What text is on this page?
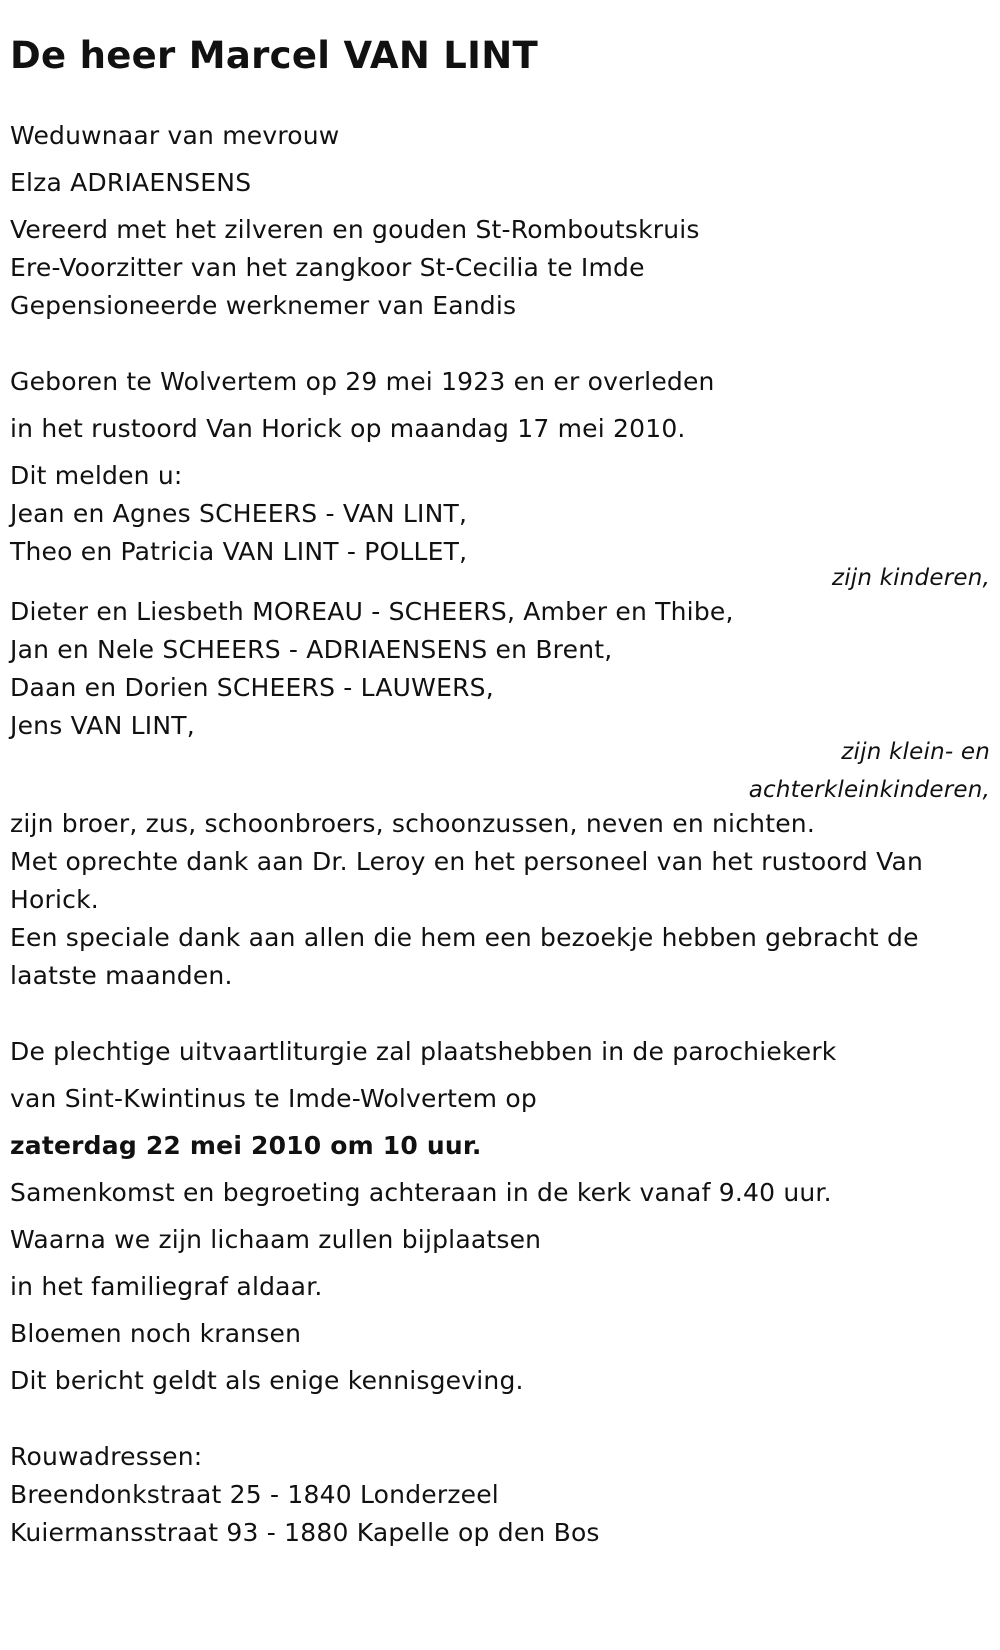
De heer Marcel VAN LINT
Weduwnaar van mevrouw
Elza ADRIAENSENS
Vereerd met het zilveren en gouden St-Romboutskruis
Ere-Voorzitter van het zangkoor St-Cecilia te Imde
Gepensioneerde werknemer van Eandis
Geboren te Wolvertem op 29 mei 1923 en er overleden
in het rustoord Van Horick op maandag 17 mei 2010.
Dit melden u:
Jean en Agnes SCHEERS - VAN LINT,
Theo en Patricia VAN LINT - POLLET,
zijn kinderen,
Dieter en Liesbeth MOREAU - SCHEERS, Amber en Thibe,
Jan en Nele SCHEERS - ADRIAENSENS en Brent,
Daan en Dorien SCHEERS - LAUWERS,
Jens VAN LINT,
zijn klein- en
achterkleinkinderen,
zijn broer, zus, schoonbroers, schoonzussen, neven en nichten.
Met oprechte dank aan Dr. Leroy en het personeel van het rustoord Van
Horick.
Een speciale dank aan allen die hem een bezoekje hebben gebracht de
laatste maanden.
De plechtige uitvaartliturgie zal plaatshebben in de parochiekerk
van Sint-Kwintinus te Imde-Wolvertem op
zaterdag 22 mei 2010 om 10 uur.
Samenkomst en begroeting achteraan in de kerk vanaf 9.40 uur.
Waarna we zijn lichaam zullen bijplaatsen
in het familiegraf aldaar.
Bloemen noch kransen
Dit bericht geldt als enige kennisgeving.
Rouwadressen:
Breendonkstraat 25 - 1840 Londerzeel
Kuiermansstraat 93 - 1880 Kapelle op den Bos
